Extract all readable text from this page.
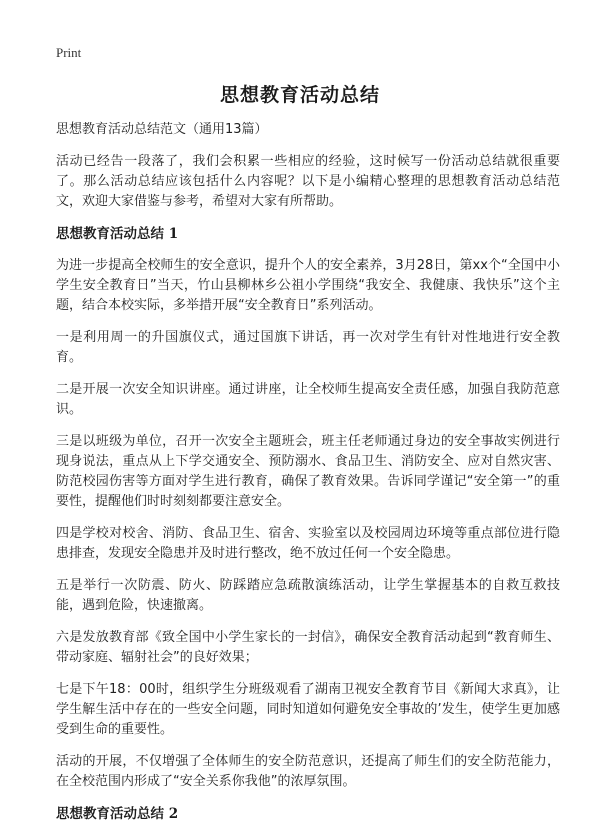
Print
思想教育活动总结
思想教育活动总结范文（通用13篇）

活动已经告一段落了，我们会积累一些相应的经验，这时候写一份活动总结就很重要了。那么活动总结应该包括什么内容呢？以下是小编精心整理的思想教育活动总结范文，欢迎大家借鉴与参考，希望对大家有所帮助。

思想教育活动总结 1

为进一步提高全校师生的安全意识，提升个人的安全素养，3月28日，第xx个“全国中小学生安全教育日”当天，竹山县柳林乡公祖小学围绕“我安全、我健康、我快乐”这个主题，结合本校实际，多举措开展“安全教育日”系列活动。

一是利用周一的升国旗仪式，通过国旗下讲话，再一次对学生有针对性地进行安全教育。

二是开展一次安全知识讲座。通过讲座，让全校师生提高安全责任感，加强自我防范意识。

三是以班级为单位，召开一次安全主题班会，班主任老师通过身边的安全事故实例进行现身说法，重点从上下学交通安全、预防溺水、食品卫生、消防安全、应对自然灾害、防范校园伤害等方面对学生进行教育，确保了教育效果。告诉同学谨记“安全第一”的重要性，提醒他们时时刻刻都要注意安全。

四是学校对校舍、消防、食品卫生、宿舍、实验室以及校园周边环境等重点部位进行隐患排查，发现安全隐患并及时进行整改，绝不放过任何一个安全隐患。

五是举行一次防震、防火、防踩踏应急疏散演练活动，让学生掌握基本的自救互救技能，遇到危险，快速撤离。

六是发放教育部《致全国中小学生家长的一封信》，确保安全教育活动起到“教育师生、带动家庭、辐射社会”的良好效果；

七是下午18：00时，组织学生分班级观看了湖南卫视安全教育节目《新闻大求真》，让学生解生活中存在的一些安全问题，同时知道如何避免安全事故的’发生，使学生更加感受到生命的重要性。

活动的开展，不仅增强了全体师生的安全防范意识，还提高了师生们的安全防范能力，在全校范围内形成了“安全关系你我他”的浓厚氛围。

思想教育活动总结 2
